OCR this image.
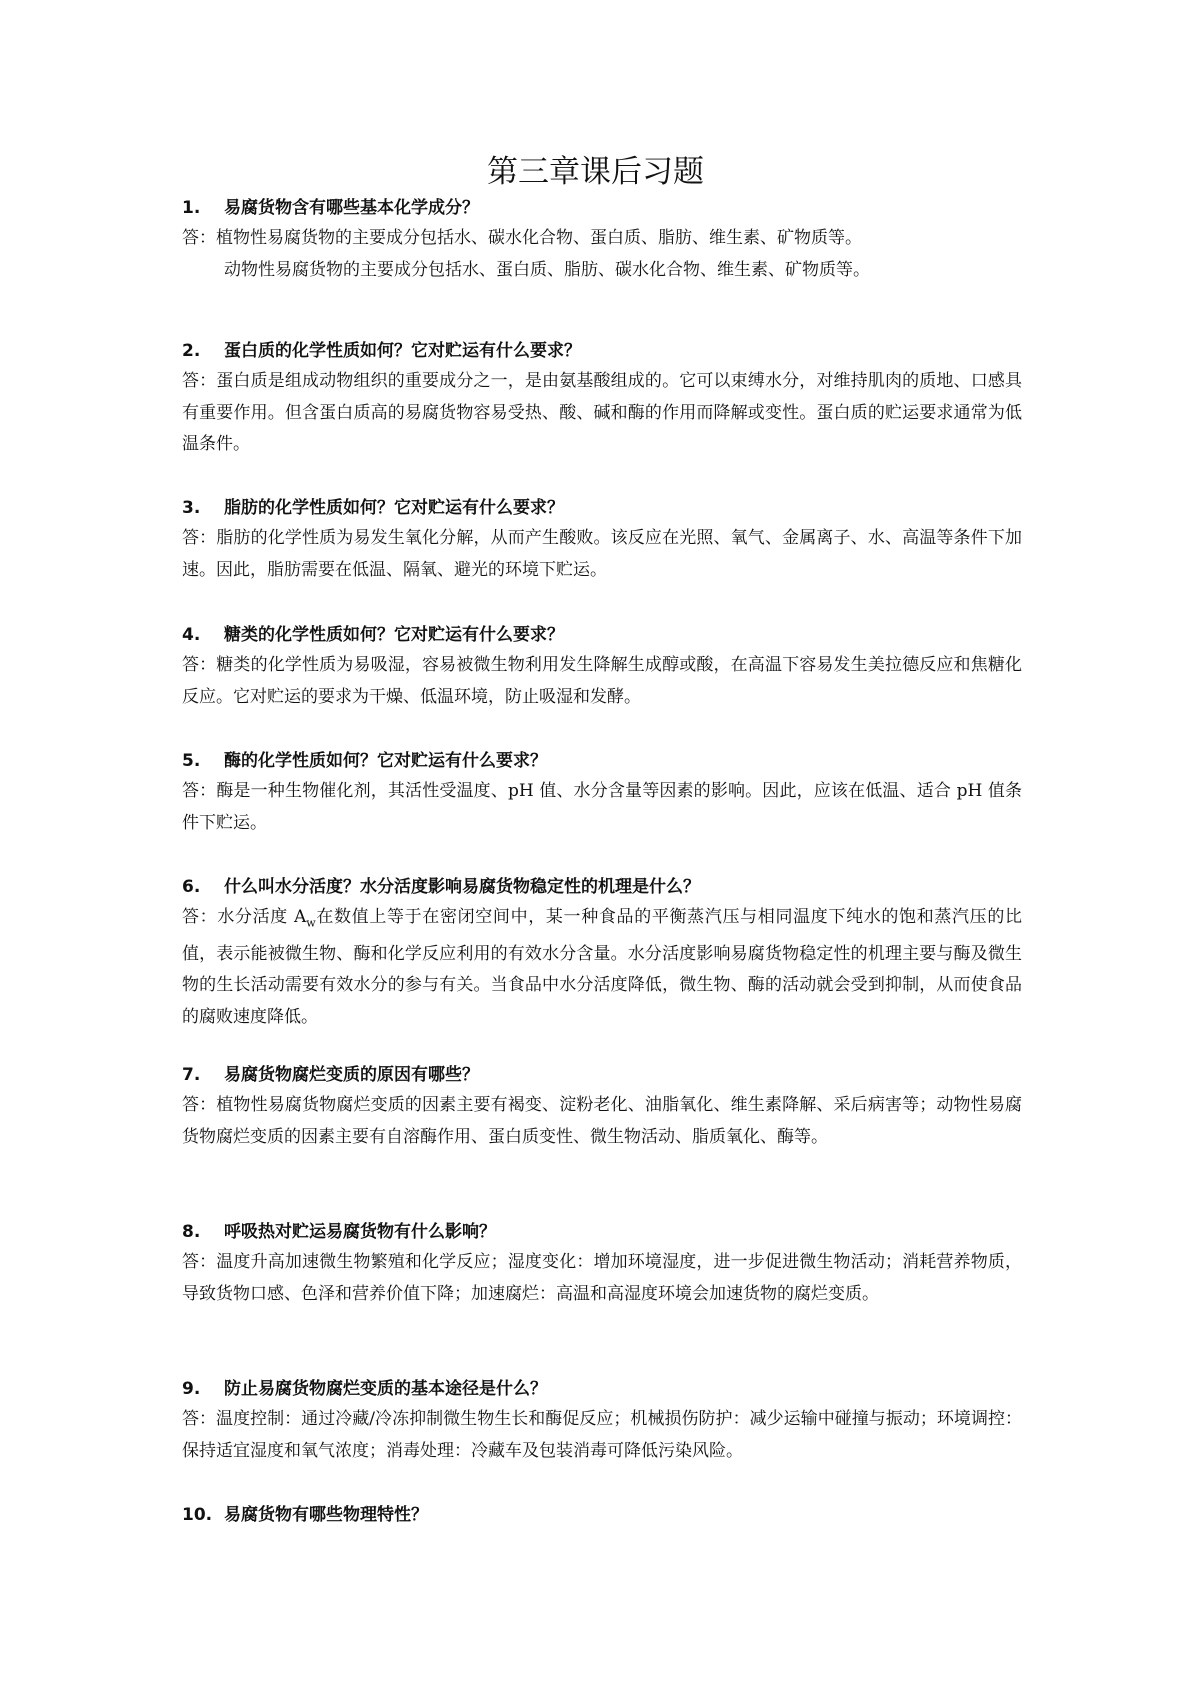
第三章课后习题
1. 易腐货物含有哪些基本化学成分？
答：植物性易腐货物的主要成分包括水、碳水化合物、蛋白质、脂肪、维生素、矿物质等。
动物性易腐货物的主要成分包括水、蛋白质、脂肪、碳水化合物、维生素、矿物质等。
2. 蛋白质的化学性质如何？它对贮运有什么要求？
答：蛋白质是组成动物组织的重要成分之一，是由氨基酸组成的。它可以束缚水分，对维持肌肉的质地、口感具有重要作用。但含蛋白质高的易腐货物容易受热、酸、碱和酶的作用而降解或变性。蛋白质的贮运要求通常为低温条件。
3. 脂肪的化学性质如何？它对贮运有什么要求？
答：脂肪的化学性质为易发生氧化分解，从而产生酸败。该反应在光照、氧气、金属离子、水、高温等条件下加速。因此，脂肪需要在低温、隔氧、避光的环境下贮运。
4. 糖类的化学性质如何？它对贮运有什么要求？
答：糖类的化学性质为易吸湿，容易被微生物利用发生降解生成醇或酸，在高温下容易发生美拉德反应和焦糖化反应。它对贮运的要求为干燥、低温环境，防止吸湿和发酵。
5. 酶的化学性质如何？它对贮运有什么要求？
答：酶是一种生物催化剂，其活性受温度、pH 值、水分含量等因素的影响。因此，应该在低温、适合 pH 值条件下贮运。
6. 什么叫水分活度？水分活度影响易腐货物稳定性的机理是什么？
答：水分活度 $A_w$在数值上等于在密闭空间中，某一种食品的平衡蒸汽压与相同温度下纯水的饱和蒸汽压的比值，表示能被微生物、酶和化学反应利用的有效水分含量。水分活度影响易腐货物稳定性的机理主要与酶及微生物的生长活动需要有效水分的参与有关。当食品中水分活度降低，微生物、酶的活动就会受到抑制，从而使食品的腐败速度降低。
7. 易腐货物腐烂变质的原因有哪些？
答：植物性易腐货物腐烂变质的因素主要有褐变、淀粉老化、油脂氧化、维生素降解、采后病害等；动物性易腐货物腐烂变质的因素主要有自溶酶作用、蛋白质变性、微生物活动、脂质氧化、酶等。
8. 呼吸热对贮运易腐货物有什么影响？
答：温度升高加速微生物繁殖和化学反应；湿度变化：增加环境湿度，进一步促进微生物活动；消耗营养物质，导致货物口感、色泽和营养价值下降；加速腐烂：高温和高湿度环境会加速货物的腐烂变质。
9. 防止易腐货物腐烂变质的基本途径是什么？
答：温度控制：通过冷藏/冷冻抑制微生物生长和酶促反应；机械损伤防护：减少运输中碰撞与振动；环境调控：保持适宜湿度和氧气浓度；消毒处理：冷藏车及包装消毒可降低污染风险。
10. 易腐货物有哪些物理特性？
